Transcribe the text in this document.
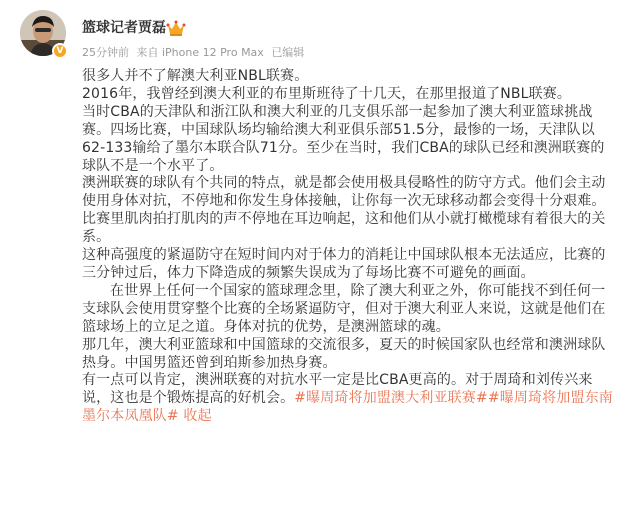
V
篮球记者贾磊
25分钟前 来自 iPhone 12 Pro Max 已编辑

很多人并不了解澳大利亚NBL联赛。

2016年，我曾经到澳大利亚的布里斯班待了十几天，在那里报道了NBL联赛。

当时CBA的天津队和浙江队和澳大利亚的几支俱乐部一起参加了澳大利亚篮球挑战赛。四场比赛，中国球队场均输给澳大利亚俱乐部51.5分，最惨的一场，天津队以62-133输给了墨尔本联合队71分。至少在当时，我们CBA的球队已经和澳洲联赛的球队不是一个水平了。

澳洲联赛的球队有个共同的特点，就是都会使用极具侵略性的防守方式。他们会主动使用身体对抗，不停地和你发生身体接触，让你每一次无球移动都会变得十分艰难。比赛里肌肉拍打肌肉的声不停地在耳边响起，这和他们从小就打橄榄球有着很大的关系。

这种高强度的紧逼防守在短时间内对于体力的消耗让中国球队根本无法适应，比赛的三分钟过后，体力下降造成的频繁失误成为了每场比赛不可避免的画面。

在世界上任何一个国家的篮球理念里，除了澳大利亚之外，你可能找不到任何一支球队会使用贯穿整个比赛的全场紧逼防守，但对于澳大利亚人来说，这就是他们在篮球场上的立足之道。身体对抗的优势，是澳洲篮球的魂。

那几年，澳大利亚篮球和中国篮球的交流很多，夏天的时候国家队也经常和澳洲球队热身。中国男篮还曾到珀斯参加热身赛。

有一点可以肯定，澳洲联赛的对抗水平一定是比CBA更高的。对于周琦和刘传兴来说，这也是个锻炼提高的好机会。#曝周琦将加盟澳大利亚联赛##曝周琦将加盟东南墨尔本凤凰队# 收起
